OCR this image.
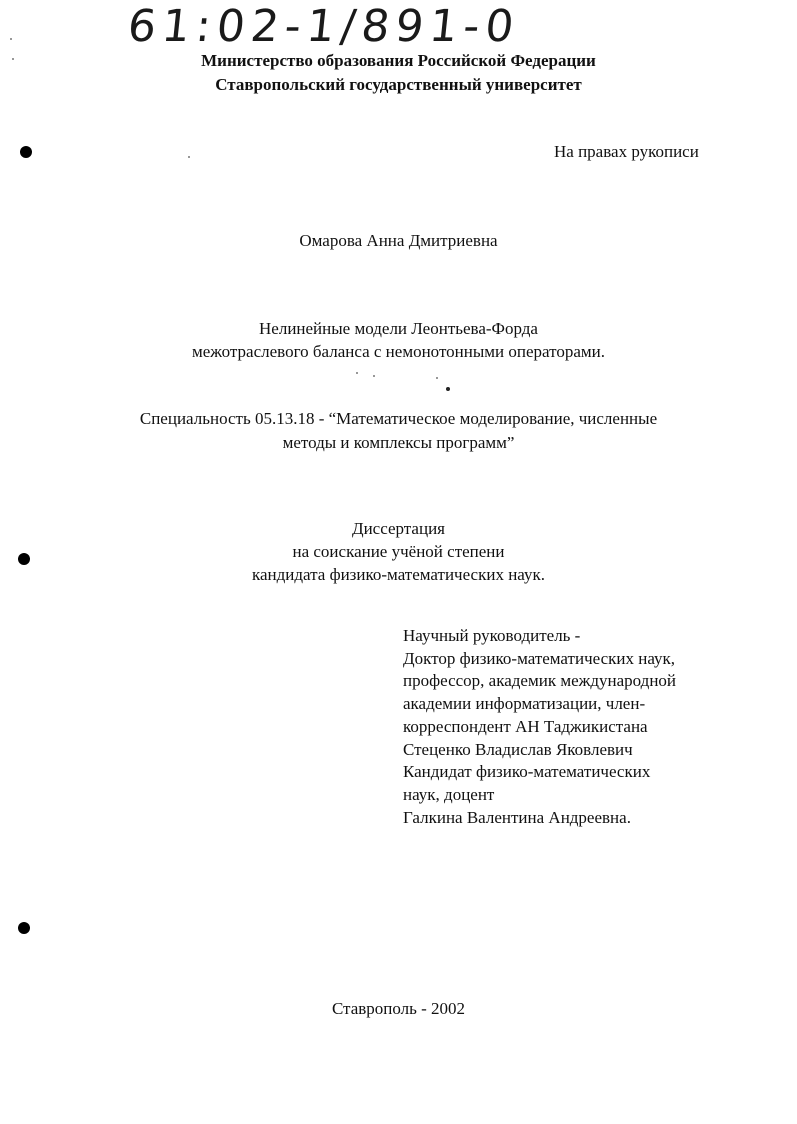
61:02-1/891-0

Министерство образования Российской Федерации

Ставропольский государственный университет

На правах рукописи

Омарова Анна Дмитриевна

Нелинейные модели Леонтьева-Форда

межотраслевого баланса с немонотонными операторами.

Специальность 05.13.18 - “Математическое моделирование, численные

методы и комплексы программ”

Диссертация

на соискание учёной степени

кандидата физико-математических наук.

Научный руководитель -
Доктор физико-математических наук,
профессор, академик международной
академии информатизации, член-
корреспондент АН Таджикистана
Стеценко Владислав Яковлевич
Кандидат физико-математических
наук, доцент
Галкина Валентина Андреевна.

Ставрополь - 2002
